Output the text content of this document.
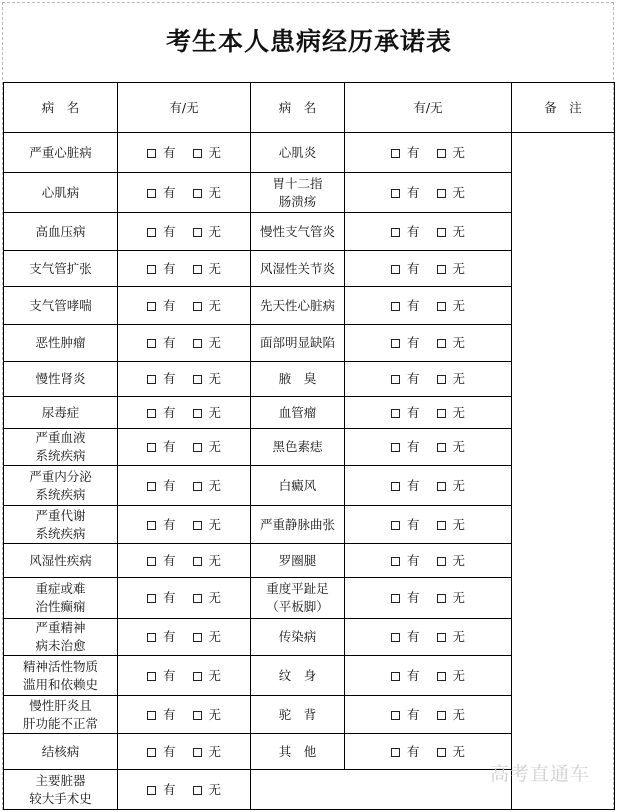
考生本人患病经历承诺表
病　名	有/无	病　名	有/无	备　注

严重心脏病	有 无	心肌炎	有 无	

心肌病	有 无	胃十二指
肠溃疡	有 无	

高血压病	有 无	慢性支气管炎	有 无	

支气管扩张	有 无	风湿性关节炎	有 无	

支气管哮喘	有 无	先天性心脏病	有 无	

恶性肿瘤	有 无	面部明显缺陷	有 无	

慢性肾炎	有 无	腋　臭	有 无	

尿毒症	有 无	血管瘤	有 无	

严重血液
系统疾病	有 无	黑色素痣	有 无	

严重内分泌
系统疾病	有 无	白癜风	有 无	

严重代谢
系统疾病	有 无	严重静脉曲张	有 无	

风湿性疾病	有 无	罗圈腿	有 无	

重症或难
治性癫痫	有 无	重度平趾足
（平板脚）	有 无	

严重精神
病未治愈	有 无	传染病	有 无	

精神活性物质
滥用和依赖史	有 无	纹　身	有 无	

慢性肝炎且
肝功能不正常	有 无	驼　背	有 无	

结核病	有 无	其　他	有 无	

主要脏器
较大手术史	有 无			
高考直通车
